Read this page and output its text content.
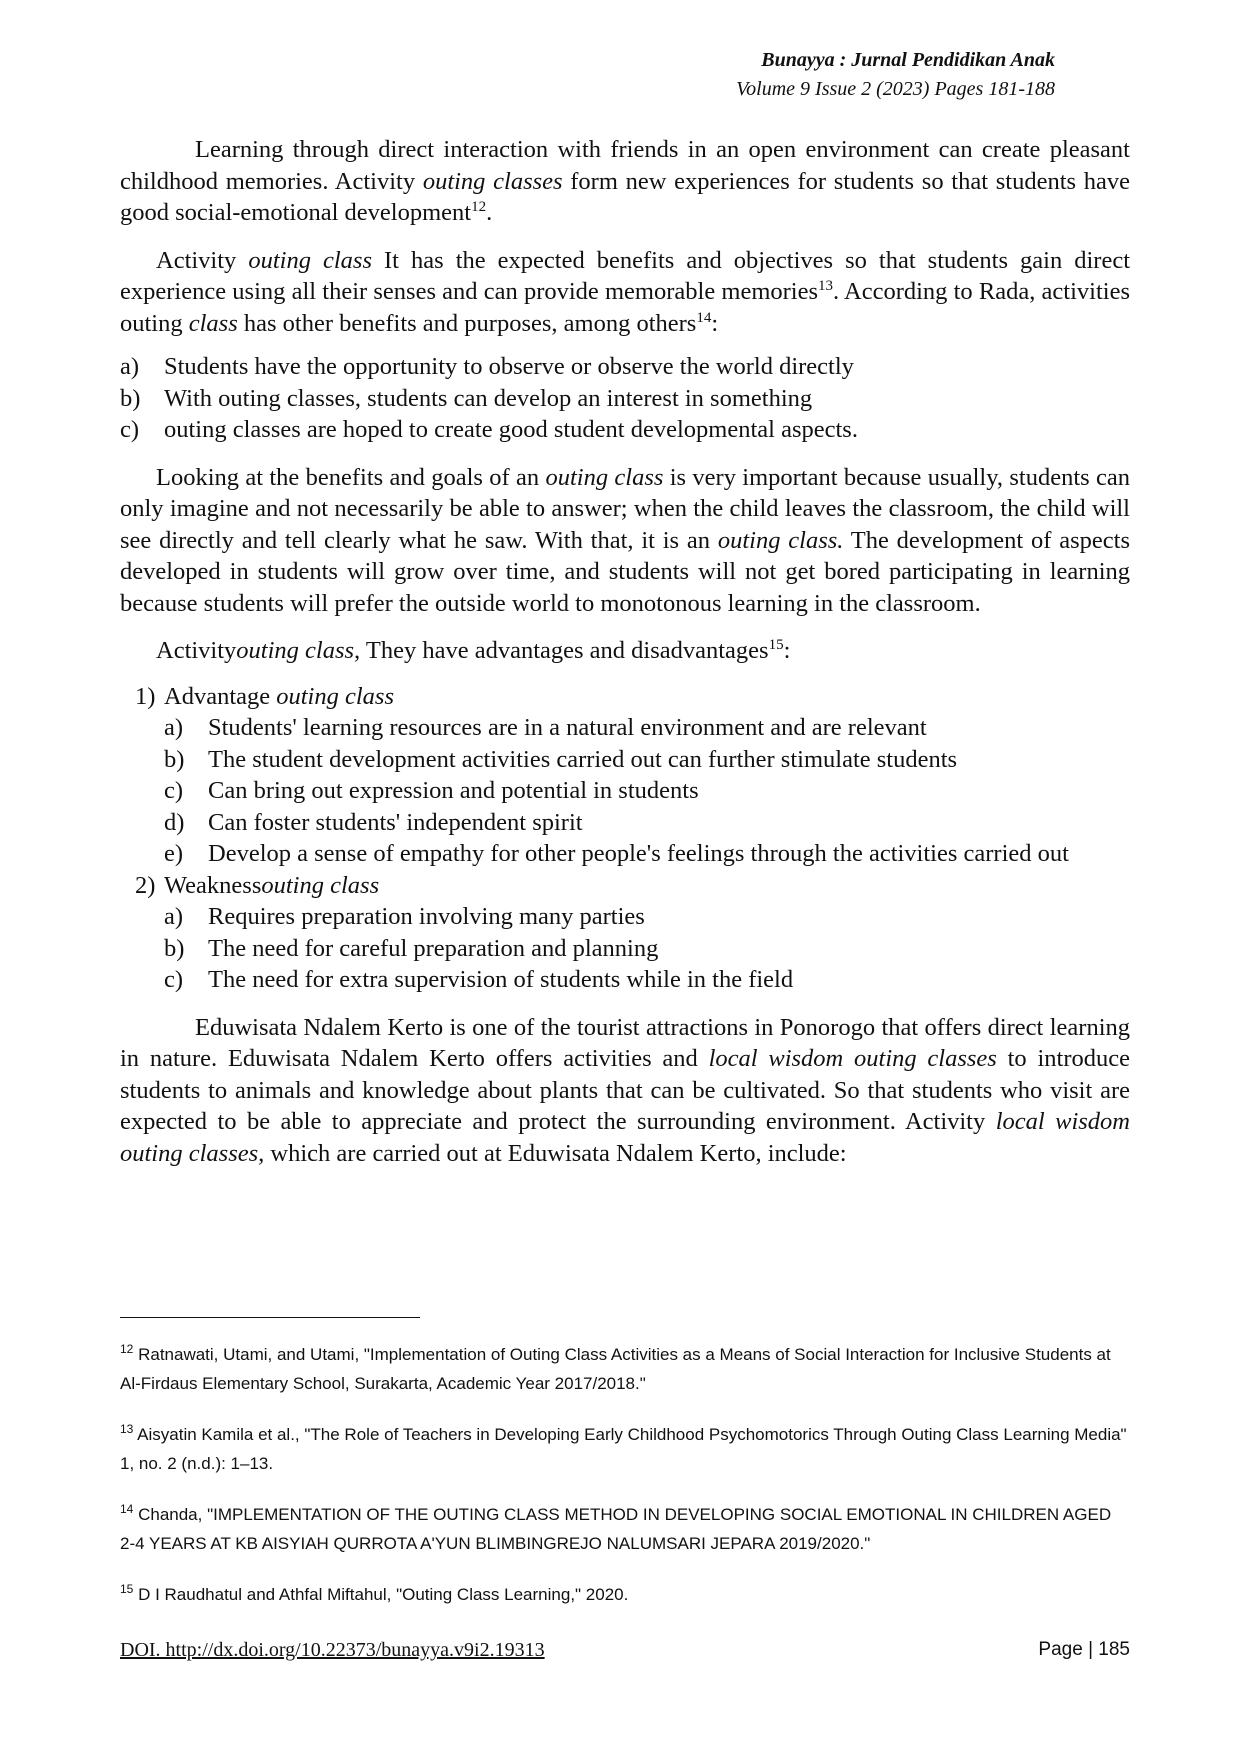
Bunayya : Jurnal Pendidikan Anak
Volume 9 Issue 2 (2023) Pages 181-188

Learning through direct interaction with friends in an open environment can create pleasant childhood memories. Activity outing classes form new experiences for students so that students have good social-emotional development$^{12}$.

Activity outing class It has the expected benefits and objectives so that students gain direct experience using all their senses and can provide memorable memories$^{13}$. According to Rada, activities outing class has other benefits and purposes, among others$^{14}$:

a) Students have the opportunity to observe or observe the world directly
b) With outing classes, students can develop an interest in something
c) outing classes are hoped to create good student developmental aspects.

Looking at the benefits and goals of an outing class is very important because usually, students can only imagine and not necessarily be able to answer; when the child leaves the classroom, the child will see directly and tell clearly what he saw. With that, it is an outing class. The development of aspects developed in students will grow over time, and students will not get bored participating in learning because students will prefer the outside world to monotonous learning in the classroom.

Activityouting class, They have advantages and disadvantages$^{15}$:

1) Advantage outing class
a) Students' learning resources are in a natural environment and are relevant
b) The student development activities carried out can further stimulate students
c) Can bring out expression and potential in students
d) Can foster students' independent spirit
e) Develop a sense of empathy for other people's feelings through the activities carried out
2) Weaknessouting class
a) Requires preparation involving many parties
b) The need for careful preparation and planning
c) The need for extra supervision of students while in the field

Eduwisata Ndalem Kerto is one of the tourist attractions in Ponorogo that offers direct learning in nature. Eduwisata Ndalem Kerto offers activities and local wisdom outing classes to introduce students to animals and knowledge about plants that can be cultivated. So that students who visit are expected to be able to appreciate and protect the surrounding environment. Activity local wisdom outing classes, which are carried out at Eduwisata Ndalem Kerto, include:

$^{12}$ Ratnawati, Utami, and Utami, "Implementation of Outing Class Activities as a Means of Social Interaction for Inclusive Students at Al-Firdaus Elementary School, Surakarta, Academic Year 2017/2018."

$^{13}$ Aisyatin Kamila et al., "The Role of Teachers in Developing Early Childhood Psychomotorics Through Outing Class Learning Media" 1, no. 2 (n.d.): 1–13.

$^{14}$ Chanda, "IMPLEMENTATION OF THE OUTING CLASS METHOD IN DEVELOPING SOCIAL EMOTIONAL IN CHILDREN AGED 2-4 YEARS AT KB AISYIAH QURROTA A'YUN BLIMBINGREJO NALUMSARI JEPARA 2019/2020."

$^{15}$ D I Raudhatul and Athfal Miftahul, "Outing Class Learning," 2020.

DOI. http://dx.doi.org/10.22373/bunayya.v9i2.19313	Page | 185
